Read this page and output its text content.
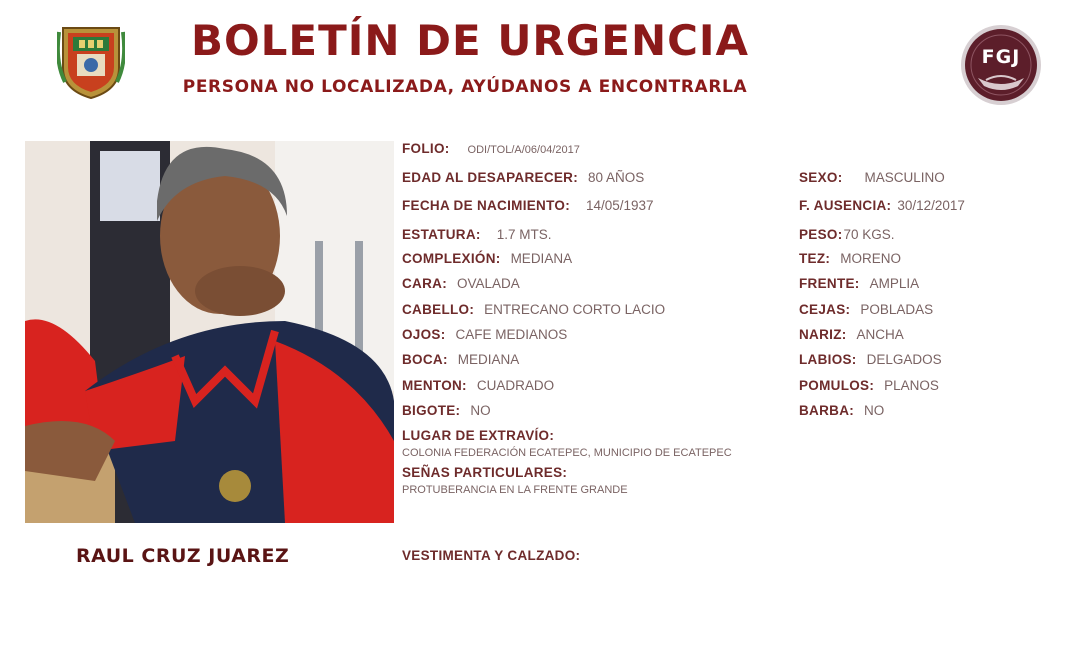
BOLETÍN DE URGENCIA
PERSONA NO LOCALIZADA, AYÚDANOS A ENCONTRARLA
FGJ
RAUL CRUZ JUAREZ
FOLIO: ODI/TOL/A/06/04/2017
EDAD AL DESAPARECER: 80 AÑOS
FECHA DE NACIMIENTO: 14/05/1937
ESTATURA: 1.7 MTS.
COMPLEXIÓN: MEDIANA
CARA: OVALADA
CABELLO: ENTRECANO CORTO LACIO
OJOS: CAFE MEDIANOS
BOCA: MEDIANA
MENTON: CUADRADO
BIGOTE: NO
LUGAR DE EXTRAVÍO:
COLONIA FEDERACIÓN ECATEPEC, MUNICIPIO DE ECATEPEC
SEÑAS PARTICULARES:
PROTUBERANCIA EN LA FRENTE GRANDE
VESTIMENTA Y CALZADO:
SEXO: MASCULINO
F. AUSENCIA: 30/12/2017
PESO:70 KGS.
TEZ: MORENO
FRENTE: AMPLIA
CEJAS: POBLADAS
NARIZ: ANCHA
LABIOS: DELGADOS
POMULOS: PLANOS
BARBA: NO
